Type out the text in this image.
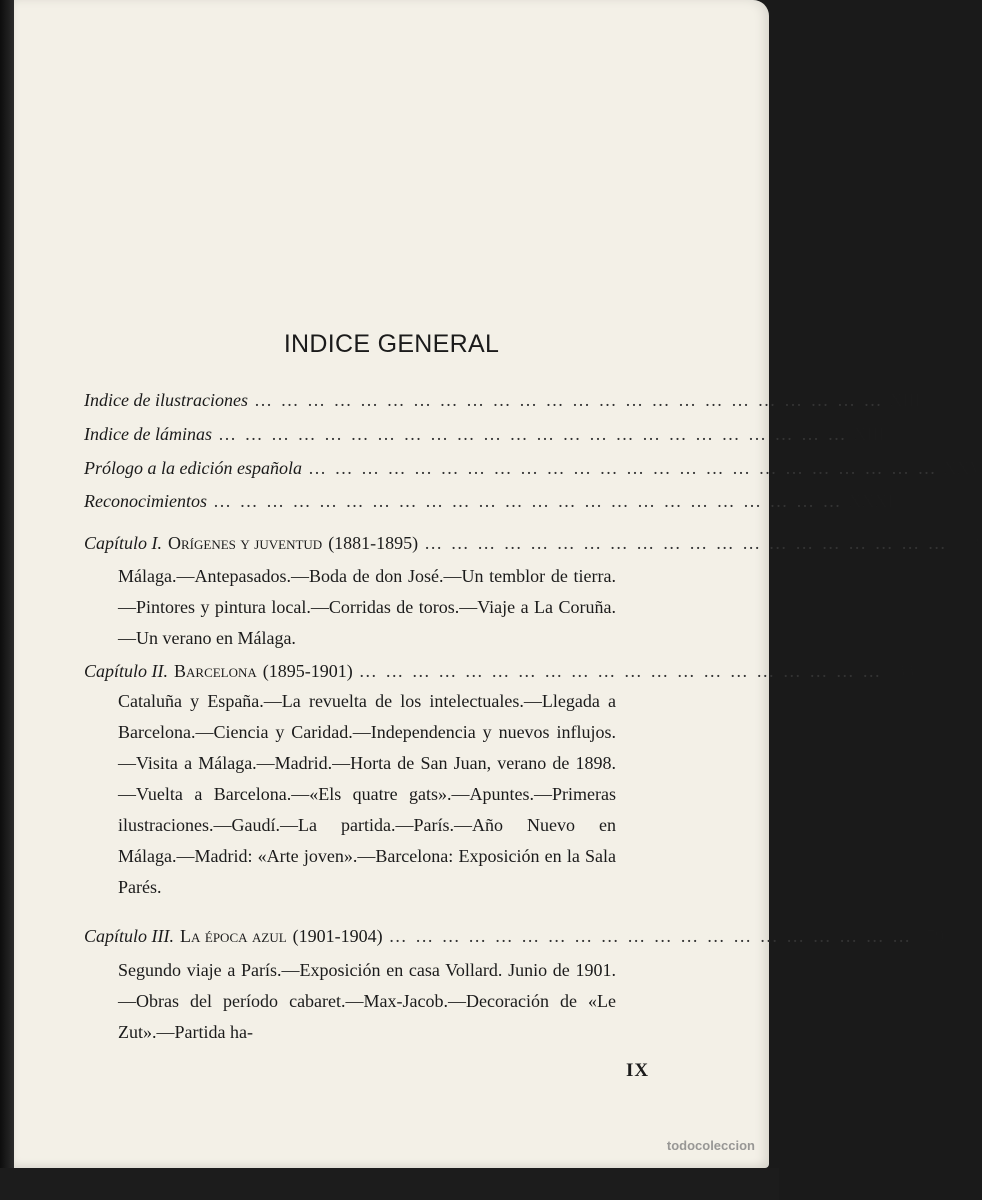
INDICE GENERAL
Indice de ilustraciones … … … … … … … … … … … … … … … … … … … … … … … … XIII
Indice de láminas … … … … … … … … … … … … … … … … … … … … … … … … XIII
Prólogo a la edición española … … … … … … … … … … … … … … … … … … … … … … … … XXV
Reconocimientos … … … … … … … … … … … … … … … … … … … … … … … … XXXI
Capítulo I. Orígenes y juventud (1881-1895) … … … … … … … … … … … … … … … … … … … …	3
Málaga.—Antepasados.—Boda de don José.—Un temblor de tierra.—Pintores y pintura local.—Corridas de toros.—Viaje a La Coruña.—Un verano en Málaga.
Capítulo II. Barcelona (1895-1901) … … … … … … … … … … … … … … … … … … … … 33
Cataluña y España.—La revuelta de los intelectuales.—Llegada a Barcelona.—Ciencia y Caridad.—Independencia y nuevos influjos.—Visita a Málaga.—Madrid.—Horta de San Juan, verano de 1898.—Vuelta a Barcelona.—«Els quatre gats».—Apuntes.—Primeras ilustraciones.—Gaudí.—La partida.—París.—Año Nuevo en Málaga.—Madrid: «Arte joven».—Barcelona: Exposición en la Sala Parés.
Capítulo III. La época azul (1901-1904) … … … … … … … … … … … … … … … … … … … … 79
Segundo viaje a París.—Exposición en casa Vollard. Junio de 1901.—Obras del período cabaret.—Max-Jacob.—Decoración de «Le Zut».—Partida ha-
IX
todocoleccion
